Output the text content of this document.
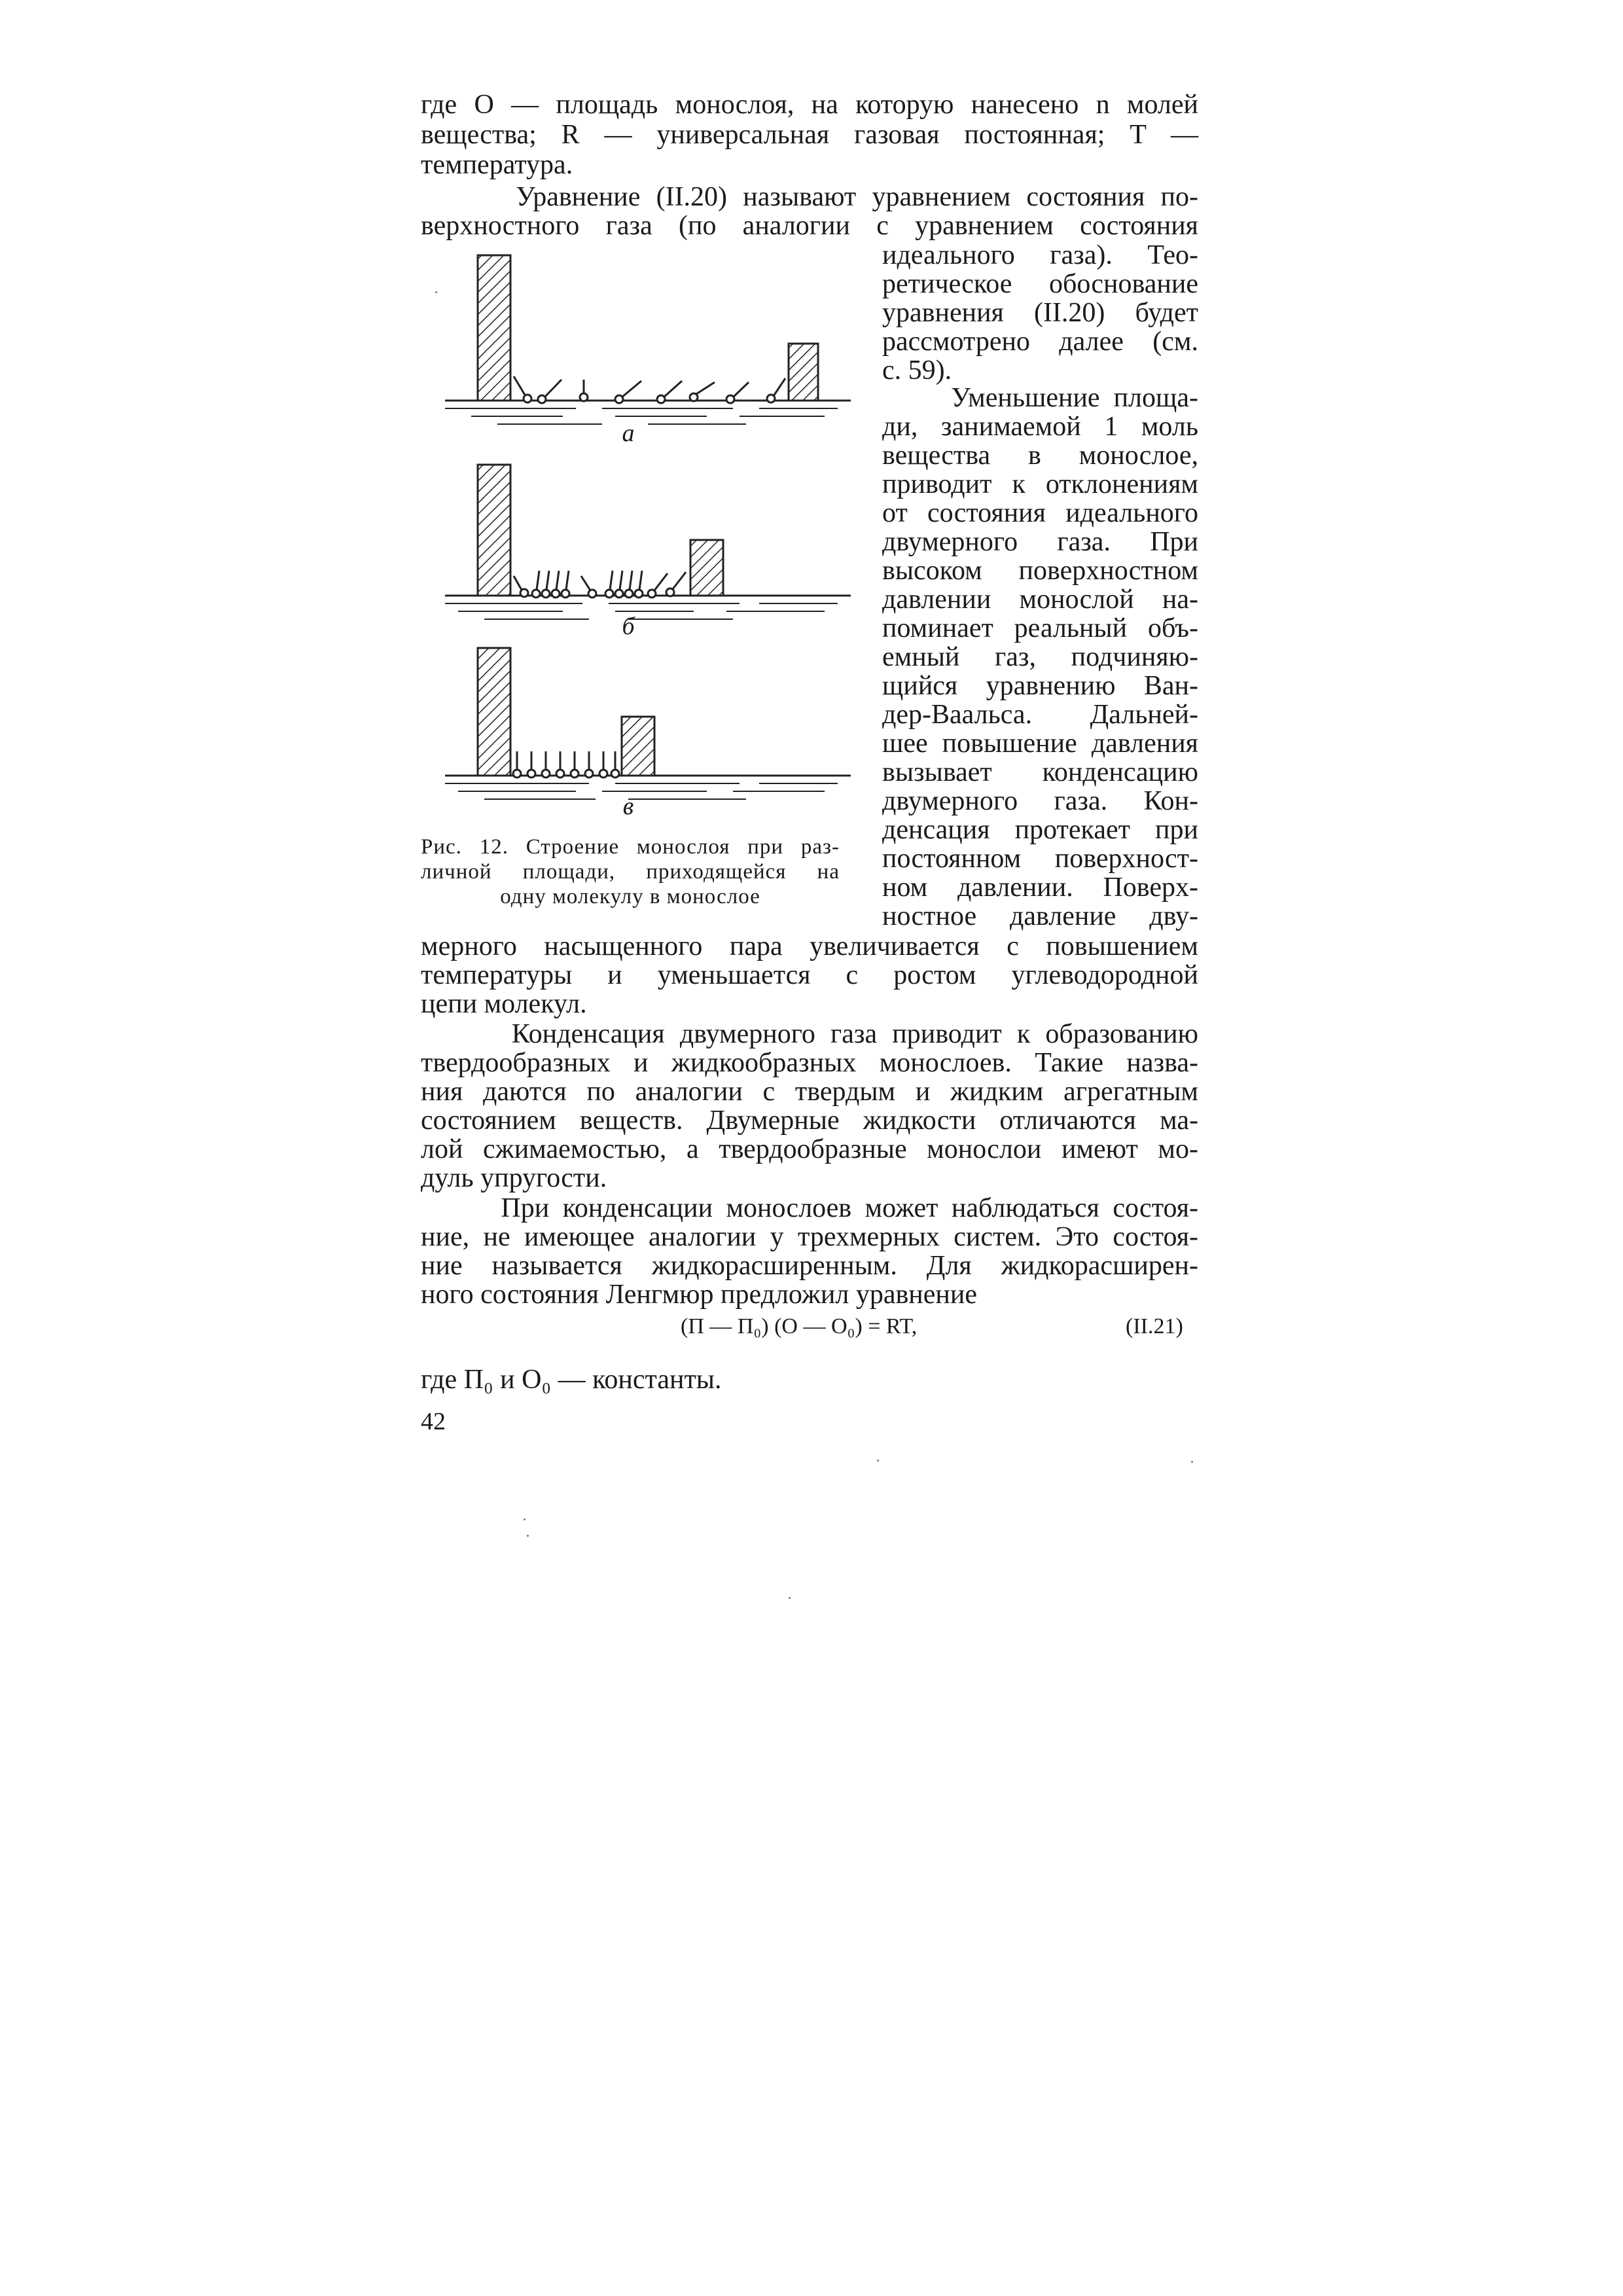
где O — площадь монослоя, на которую нанесено n молей
вещества; R — универсальная газовая постоянная; T —
температура.
Уравнение (II.20) называют уравнением состояния по-
верхностного газа (по аналогии с уравнением состояния
идеального газа). Тео-
ретическое обоснование
уравнения (II.20) будет
рассмотрено далее (см.
с. 59).
Уменьшение площа-
ди, занимаемой 1 моль
вещества в монослое,
приводит к отклонениям
от состояния идеального
двумерного газа. При
высоком поверхностном
давлении монослой на-
поминает реальный объ-
емный газ, подчиняю-
щийся уравнению Ван-
дер-Ваальса. Дальней-
шее повышение давления
вызывает конденсацию
двумерного газа. Кон-
денсация протекает при
постоянном поверхност-
ном давлении. Поверх-
ностное давление дву-
а
б
в
Рис. 12. Строение монослоя при раз-
личной площади, приходящейся на
одну молекулу в монослое
мерного насыщенного пара увеличивается с повышением
температуры и уменьшается с ростом углеводородной
цепи молекул.
Конденсация двумерного газа приводит к образованию
твердообразных и жидкообразных монослоев. Такие назва-
ния даются по аналогии с твердым и жидким агрегатным
состоянием веществ. Двумерные жидкости отличаются ма-
лой сжимаемостью, а твердообразные монослои имеют мо-
дуль упругости.
При конденсации монослоев может наблюдаться состоя-
ние, не имеющее аналогии у трехмерных систем. Это состоя-
ние называется жидкорасширенным. Для жидкорасширен-
ного состояния Ленгмюр предложил уравнение
(П — П₀) (O — O₀) = RT,	(II.21)
где П₀ и O₀ — константы.
42
